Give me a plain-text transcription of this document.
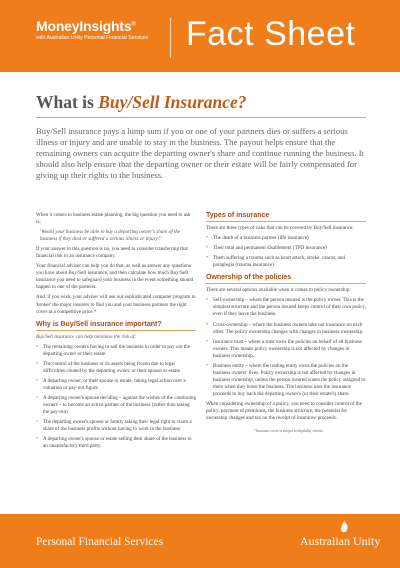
MoneyInsights®
with Australian Unity Personal Financial Services Fact Sheet
What is Buy/Sell Insurance?

Buy/Sell insurance pays a lump sum if you or one of your partners dies or suffers a serious illness or injury and are unable to stay in the business. The payout helps ensure that the remaining owners can acquire the departing owner's share and continue running the business. It should also help ensure that the departing owner or their estate will be fairly compensated for giving up their rights to the business.

When it comes to business estate planning, the big question you need to ask is:

'Would your business be able to buy a departing owner's share of the business if they died or suffered a serious illness or injury?'

If your answer to this question is no, you need to consider transferring that financial risk to an insurance company.

Your financial adviser can help you do that, as well as answer any questions you have about Buy/Sell insurance, and then calculate how much Buy/Sell insurance you need to safeguard your business in the event something should happen to one of the partners.

And, if you wish, your adviser will use our sophisticated computer program to 'broker' the major insurers to find you and your business partners the right cover at a competitive price.*

Why is Buy/Sell insurance important?

Buy/Sell insurance can help minimise the risk of:

• The remaining owners having to sell the business in order to pay out the departing owner or their estate
• The control of the business or its assets being frozen due to legal difficulties created by the departing owner, or their spouse or estate
• A departing owner, or their spouse or estate, taking legal action over a valuation or pay-out figure
• A departing owner's spouse deciding – against the wishes of the continuing owners – to become an active partner of the business (rather than taking the pay-out)
• The departing owner's spouse or family taking their legal right to claim a share of the business profits without having to work in the business
• A departing owner's spouse or estate selling their share of the business to an unsatisfactory third party.
Types of insurance

There are three types of risks that can be covered by Buy/Sell insurance:

• The death of a business partner (life insurance)
• Their total and permanent disablement (TPD insurance)
• Them suffering a trauma such as heart attack, stroke, cancer, and paraplegia (trauma insurance).
Ownership of the policies

There are several options available when it comes to policy ownership:

• Self-ownership – where the person insured is the policy owner. This is the simplest structure and the person insured keeps control of their own policy, even if they leave the business.
• Cross-ownership – where the business owners take out insurance on each other. The policy ownership changes with changes in business ownership.
• Insurance trust – where a trust owns the policies on behalf of all business owners. This means policy ownership is not affected by changes in business ownership.
• Business entity – where the trading entity owns the policies on the business owners' lives. Policy ownership is not affected by changes in business ownership, unless the person insured wants the policy assigned to them when they leave the business. The business uses the insurance proceeds to buy back the departing owner's (or their estate's) share.

When considering ownership of a policy, you need to consider control of the policy, payment of premiums, the business structure, the potential for ownership changes and tax on the receipt of insurance proceeds.

*Insurance cover is subject to eligibility criteria

Personal Financial Services	Australian Unity
